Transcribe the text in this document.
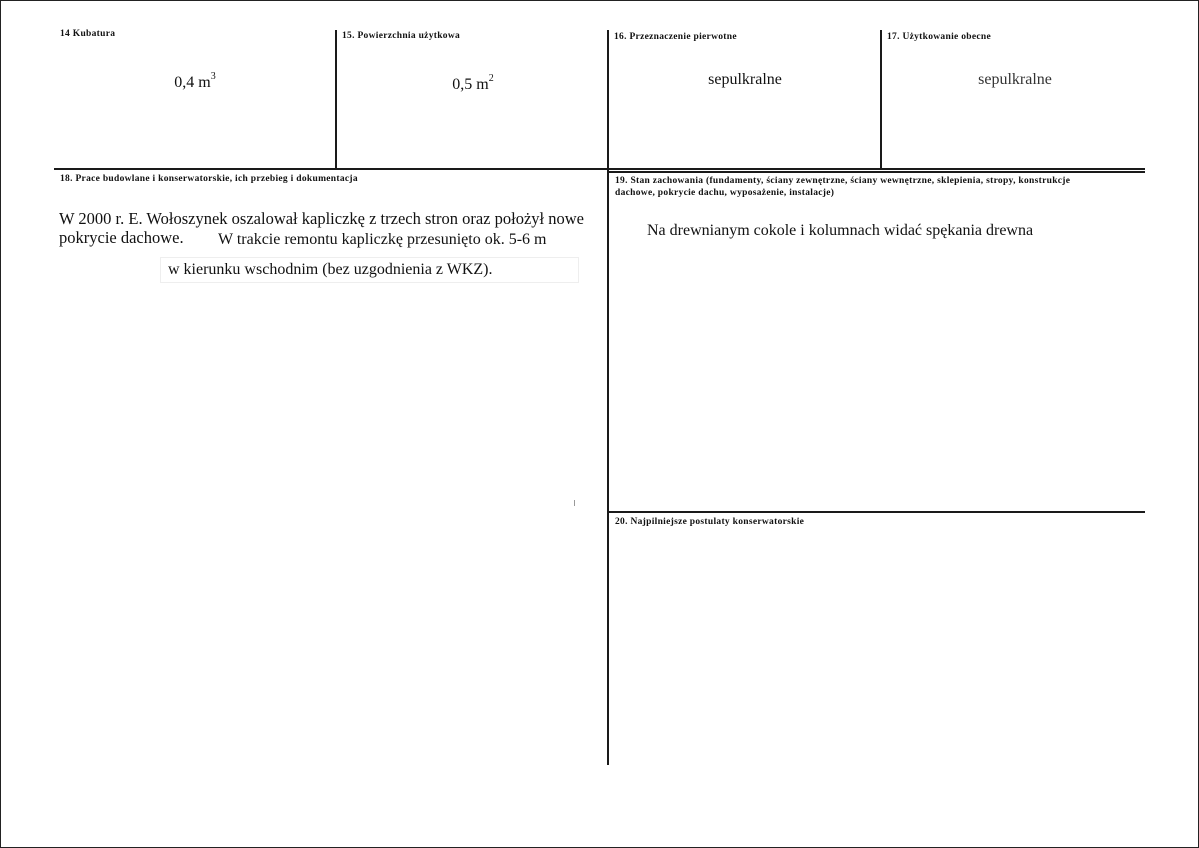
14 Kubatura
0,4 $m^3$
15. Powierzchnia użytkowa
0,5 $m^2$
16. Przeznaczenie pierwotne
sepulkralne
17. Użytkowanie obecne
sepulkralne
18. Prace budowlane i konserwatorskie, ich przebieg i dokumentacja
W 2000 r. E. Wołoszynek oszalował kapliczkę z trzech stron oraz położył nowe
pokrycie dachowe. W trakcie remontu kapliczkę przesunięto ok. 5-6 m
w kierunku wschodnim (bez uzgodnienia z WKZ).
19. Stan zachowania (fundamenty, ściany zewnętrzne, ściany wewnętrzne, sklepienia, stropy, konstrukcje
dachowe, pokrycie dachu, wyposażenie, instalacje)
Na drewnianym cokole i kolumnach widać spękania drewna
20. Najpilniejsze postulaty konserwatorskie
